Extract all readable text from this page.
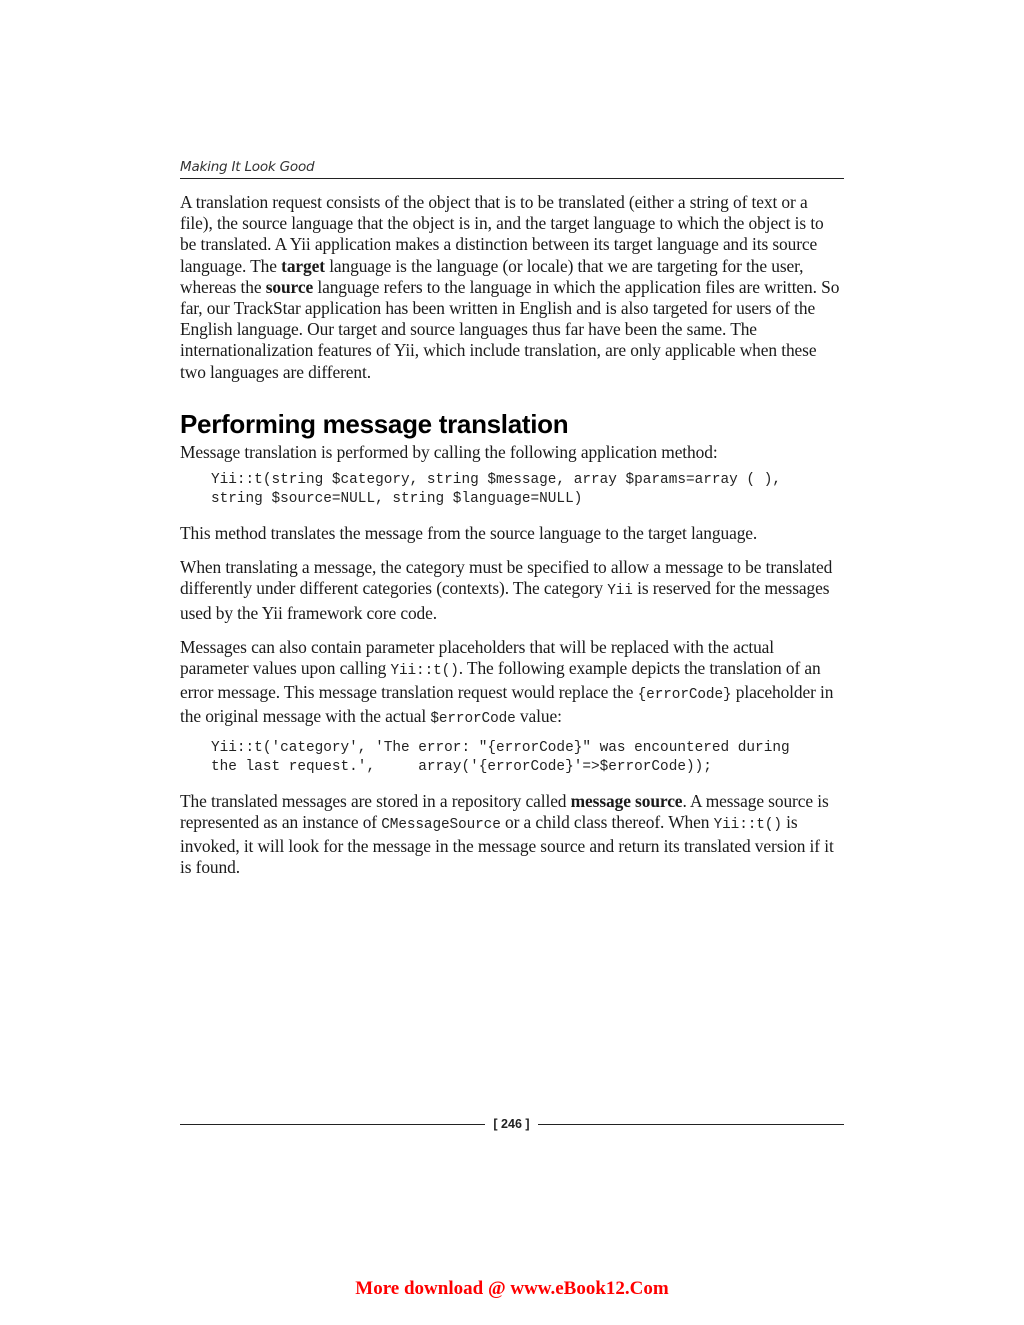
Making It Look Good

A translation request consists of the object that is to be translated (either a string of text or a file), the source language that the object is in, and the target language to which the object is to be translated. A Yii application makes a distinction between its target language and its source language. The target language is the language (or locale) that we are targeting for the user, whereas the source language refers to the language in which the application files are written. So far, our TrackStar application has been written in English and is also targeted for users of the English language. Our target and source languages thus far have been the same. The internationalization features of Yii, which include translation, are only applicable when these two languages are different.

Performing message translation

Message translation is performed by calling the following application method:

Yii::t(string $category, string $message, array $params=array ( ),
string $source=NULL, string $language=NULL)

This method translates the message from the source language to the target language.

When translating a message, the category must be specified to allow a message to be translated differently under different categories (contexts). The category Yii is reserved for the messages used by the Yii framework core code.

Messages can also contain parameter placeholders that will be replaced with the actual parameter values upon calling Yii::t(). The following example depicts the translation of an error message. This message translation request would replace the {errorCode} placeholder in the original message with the actual $errorCode value:

Yii::t('category', 'The error: "{errorCode}" was encountered during
the last request.',     array('{errorCode}'=>$errorCode));

The translated messages are stored in a repository called message source. A message source is represented as an instance of CMessageSource or a child class thereof. When Yii::t() is invoked, it will look for the message in the message source and return its translated version if it is found.

[ 246 ]
More download @ www.eBook12.Com
